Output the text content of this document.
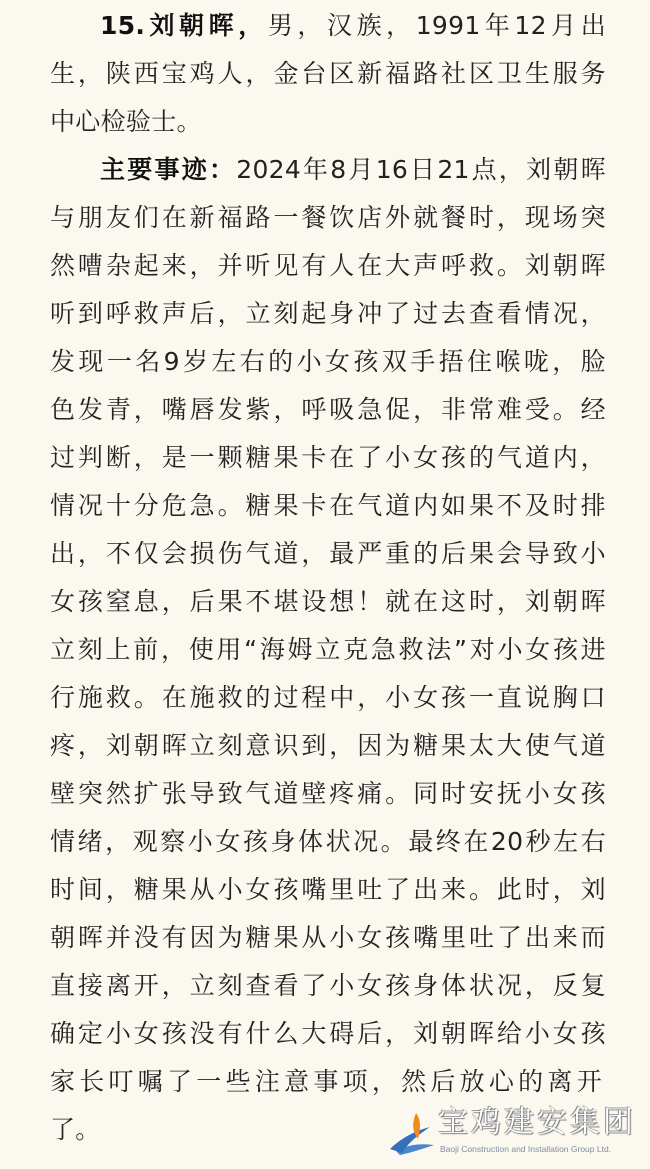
15.刘朝晖，男，汉族，1991年12月出
生，陕西宝鸡人，金台区新福路社区卫生服务
中心检验士。
主要事迹：2024年8月16日21点，刘朝晖
与朋友们在新福路一餐饮店外就餐时，现场突
然嘈杂起来，并听见有人在大声呼救。刘朝晖
听到呼救声后，立刻起身冲了过去查看情况，
发现一名9岁左右的小女孩双手捂住喉咙，脸
色发青，嘴唇发紫，呼吸急促，非常难受。经
过判断，是一颗糖果卡在了小女孩的气道内，
情况十分危急。糖果卡在气道内如果不及时排
出，不仅会损伤气道，最严重的后果会导致小
女孩窒息，后果不堪设想！就在这时，刘朝晖
立刻上前，使用“海姆立克急救法”对小女孩进
行施救。在施救的过程中，小女孩一直说胸口
疼，刘朝晖立刻意识到，因为糖果太大使气道
壁突然扩张导致气道壁疼痛。同时安抚小女孩
情绪，观察小女孩身体状况。最终在20秒左右
时间，糖果从小女孩嘴里吐了出来。此时，刘
朝晖并没有因为糖果从小女孩嘴里吐了出来而
直接离开，立刻查看了小女孩身体状况，反复
确定小女孩没有什么大碍后，刘朝晖给小女孩
家长叮嘱了一些注意事项，然后放心的离开
了。	宝鸡建安集团
Baoji Construction and Installation Group Ltd.
